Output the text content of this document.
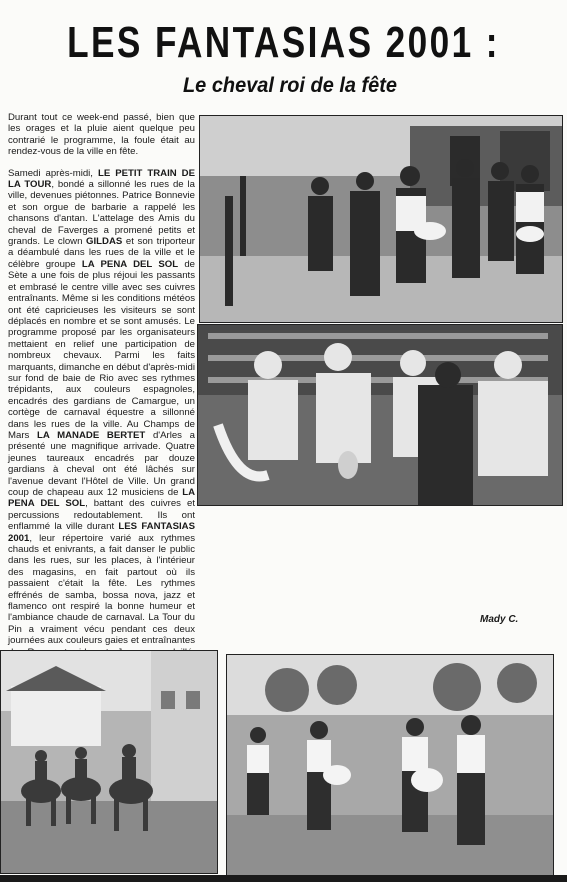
LES FANTASIAS 2001 :
Le cheval roi de la fête

Durant tout ce week-end passé, bien que les orages et la pluie aient quelque peu contrarié le programme, la foule était au rendez-vous de la ville en fête.

Samedi après-midi, LE PETIT TRAIN DE LA TOUR, bondé a sillonné les rues de la ville, devenues piétonnes. Patrice Bonnevie et son orgue de barbarie a rappelé les chansons d'antan. L'attelage des Amis du cheval de Faverges a promené petits et grands. Le clown GILDAS et son triporteur a déambulé dans les rues de la ville et le célèbre groupe LA PENA DEL SOL de Sète a une fois de plus réjoui les passants et embrasé le centre ville avec ses cuivres entraînants. Même si les conditions météos ont été capricieuses les visiteurs se sont déplacés en nombre et se sont amusés. Le programme proposé par les organisateurs mettaient en relief une participation de nombreux chevaux. Parmi les faits marquants, dimanche en début d'après-midi sur fond de baie de Rio avec ses rythmes trépidants, aux couleurs espagnoles, encadrés des gardians de Camargue, un cortège de carnaval équestre a sillonné dans les rues de la ville. Au Champs de Mars LA MANADE BERTET d'Arles a présenté une magnifique arrivade. Quatre jeunes taureaux encadrés par douze gardians à cheval ont été lâchés sur l'avenue devant l'Hôtel de Ville. Un grand coup de chapeau aux 12 musiciens de LA PENA DEL SOL, battant des cuivres et percussions redoutablement. Ils ont enflammé la ville durant LES FANTASIAS 2001, leur répertoire varié aux rythmes chauds et enivrants, a fait danser le public dans les rues, sur les places, à l'intérieur des magasins, en fait partout où ils passaient c'était la fête. Les rythmes effrénés de samba, bossa nova, jazz et flamenco ont respiré la bonne humeur et l'ambiance chaude de carnaval. La Tour du Pin a vraiment vécu pendant ces deux journées aux couleurs gaies et entraînantes

Mady C.
